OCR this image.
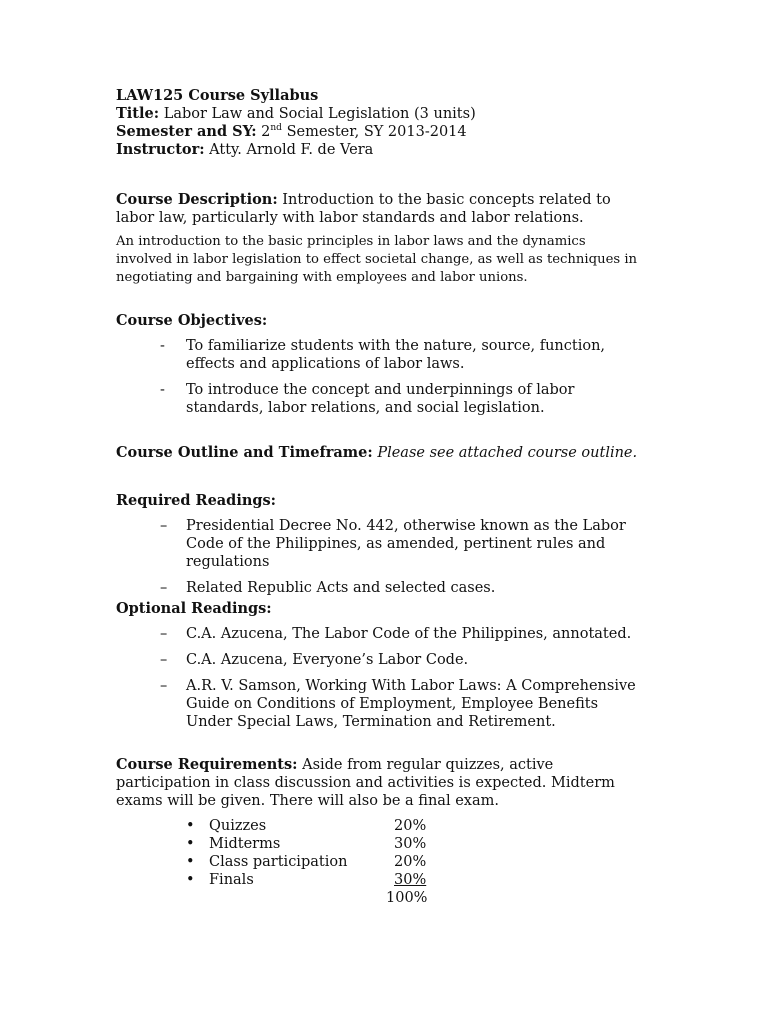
LAW125 Course Syllabus
Title: Labor Law and Social Legislation (3 units)
Semester and SY: 2nd Semester, SY 2013-2014
Instructor: Atty. Arnold F. de Vera
Course Description: Introduction to the basic concepts related to
labor law, particularly with labor standards and labor relations.
An introduction to the basic principles in labor laws and the dynamics
involved in labor legislation to effect societal change, as well as techniques in
negotiating and bargaining with employees and labor unions.
Course Objectives:
- To familiarize students with the nature, source, function,
effects and applications of labor laws.
- To introduce the concept and underpinnings of labor
standards, labor relations, and social legislation.
Course Outline and Timeframe: Please see attached course outline.
Required Readings:
– Presidential Decree No. 442, otherwise known as the Labor
Code of the Philippines, as amended, pertinent rules and
regulations
– Related Republic Acts and selected cases.
Optional Readings:
– C.A. Azucena, The Labor Code of the Philippines, annotated.
– C.A. Azucena, Everyone’s Labor Code.
– A.R. V. Samson, Working With Labor Laws: A Comprehensive
Guide on Conditions of Employment, Employee Benefits
Under Special Laws, Termination and Retirement.
Course Requirements: Aside from regular quizzes, active
participation in class discussion and activities is expected. Midterm
exams will be given. There will also be a final exam.
• Quizzes	20%
• Midterms	30%
• Class participation	20%
• Finals	30%
100%
